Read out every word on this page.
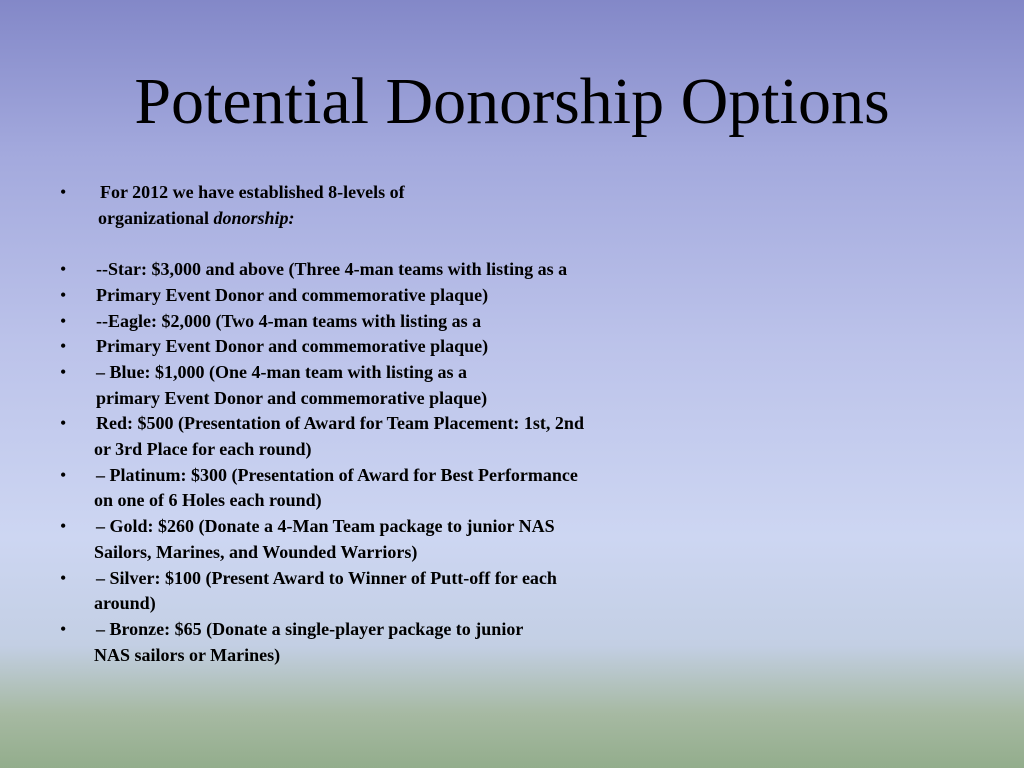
Potential Donorship Options
•	For 2012 we have established 8-levels of
organizational donorship:
• --Star: $3,000 and above (Three 4-man teams with listing as a
• Primary Event Donor and commemorative plaque)
• --Eagle: $2,000 (Two 4-man teams with listing as a
• Primary Event Donor and commemorative plaque)
• – Blue: $1,000 (One 4-man team with listing as a
primary Event Donor and commemorative plaque)
• Red: $500 (Presentation of Award for Team Placement: 1st, 2nd
or 3rd Place for each round)
• – Platinum: $300 (Presentation of Award for Best Performance
on one of 6 Holes each round)
• – Gold: $260 (Donate a 4-Man Team package to junior NAS
Sailors, Marines, and Wounded Warriors)
• – Silver: $100 (Present Award to Winner of Putt-off for each
around)
• – Bronze: $65 (Donate a single-player package to junior
NAS sailors or Marines)
